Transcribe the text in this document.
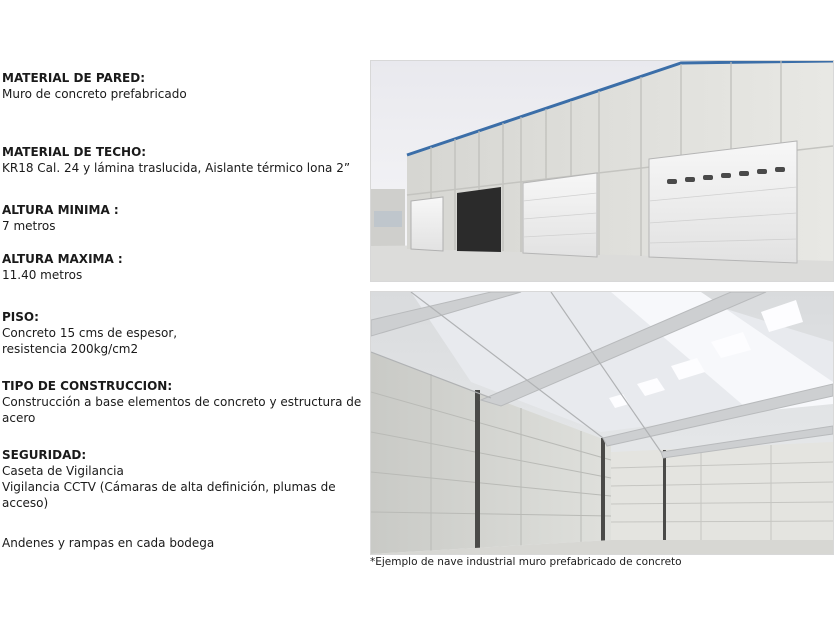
MATERIAL DE PARED:
Muro de concreto prefabricado
MATERIAL DE TECHO:
KR18 Cal. 24 y lámina traslucida, Aislante térmico lona 2”
ALTURA MINIMA :
7 metros
ALTURA MAXIMA :
11.40 metros
PISO:
Concreto 15 cms de espesor,
resistencia 200kg/cm2
TIPO DE CONSTRUCCION:
Construcción a base elementos de concreto y estructura de
acero
SEGURIDAD:
Caseta de Vigilancia
Vigilancia CCTV (Cámaras de alta definición, plumas de
acceso)
Andenes y rampas en cada bodega
*Ejemplo de nave industrial muro prefabricado de concreto
